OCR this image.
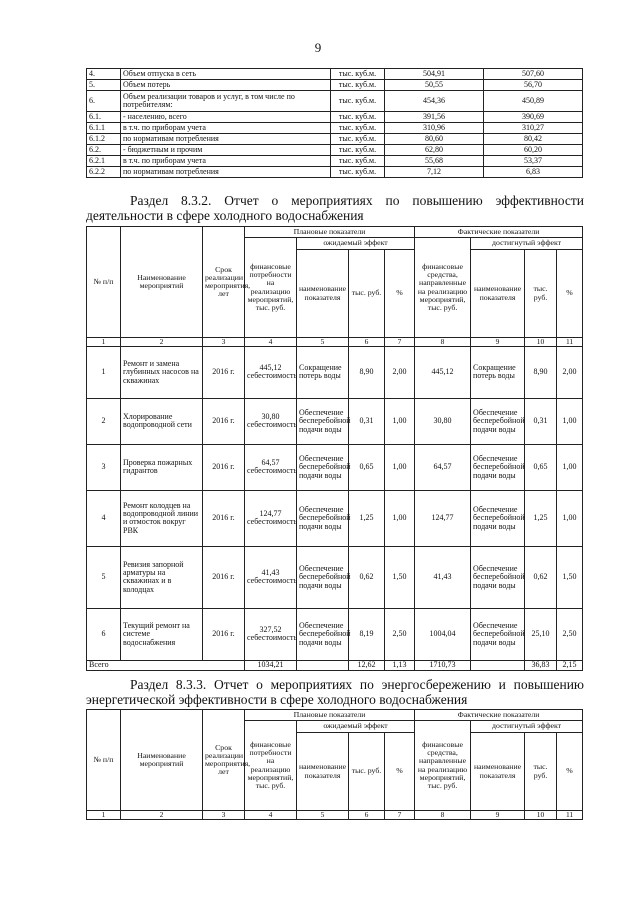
9
4.	Объем отпуска в сеть	тыс. куб.м.	504,91	507,60
5.	Объем потерь	тыс. куб.м.	50,55	56,70
6.	Объем реализации товаров и услуг, в том числе по потребителям:	тыс. куб.м.	454,36	450,89
6.1.	- населению, всего	тыс. куб.м.	391,56	390,69
6.1.1	в т.ч. по приборам учета	тыс. куб.м.	310,96	310,27
6.1.2	по нормативам потребления	тыс. куб.м.	80,60	80,42
6.2.	- бюджетным и прочим	тыс. куб.м.	62,80	60,20
6.2.1	в т.ч. по приборам учета	тыс. куб.м.	55,68	53,37
6.2.2	по нормативам потребления	тыс. куб.м.	7,12	6,83
Раздел 8.3.2. Отчет о мероприятиях по повышению эффективности деятельности в сфере холодного водоснабжения
№ п/п	Наименование мероприятий	Срок реализации мероприятия, лет	Плановые показатели				Фактические показатели			
			финансовые потребности на реализацию мероприятий, тыс. руб.	ожидаемый эффект			финансовые средства, направленные на реализацию мероприятий, тыс. руб.	достигнутый эффект		
				наименование показателя	тыс. руб.	%		наименование показателя	тыс. руб.	%
1	2	3	4	5	6	7	8	9	10	11
1	Ремонт и замена глубинных насосов на скважинах	2016 г.	445,12 себестоимость	Сокращение потерь воды	8,90	2,00	445,12	Сокращение потерь воды	8,90	2,00
2	Хлорирование водопроводной сети	2016 г.	30,80 себестоимость	Обеспечение бесперебойной подачи воды	0,31	1,00	30,80	Обеспечение бесперебойной подачи воды	0,31	1,00
3	Проверка пожарных гидрантов	2016 г.	64,57 себестоимость	Обеспечение бесперебойной подачи воды	0,65	1,00	64,57	Обеспечение бесперебойной подачи воды	0,65	1,00
4	Ремонт колодцев на водопроводной линии и отмосток вокруг РВК	2016 г.	124,77 себестоимость	Обеспечение бесперебойной подачи воды	1,25	1,00	124,77	Обеспечение бесперебойной подачи воды	1,25	1,00
5	Ревизия запорной арматуры на скважинах и в колодцах	2016 г.	41,43 себестоимость	Обеспечение бесперебойной подачи воды	0,62	1,50	41,43	Обеспечение бесперебойной подачи воды	0,62	1,50
6	Текущий ремонт на системе водоснабжения	2016 г.	327,52 себестоимость	Обеспечение бесперебойной подачи воды	8,19	2,50	1004,04	Обеспечение бесперебойной подачи воды	25,10	2,50
Всего			1034,21		12,62	1,13	1710,73		36,83	2,15
Раздел 8.3.3. Отчет о мероприятиях по энергосбережению и повышению энергетической эффективности в сфере холодного водоснабжения
№ п/п	Наименование мероприятий	Срок реализации мероприятия, лет	Плановые показатели				Фактические показатели			
			финансовые потребности на реализацию мероприятий, тыс. руб.	ожидаемый эффект			финансовые средства, направленные на реализацию мероприятий, тыс. руб.	достигнутый эффект		
				наименование показателя	тыс. руб.	%		наименование показателя	тыс. руб.	%
1	2	3	4	5	6	7	8	9	10	11
